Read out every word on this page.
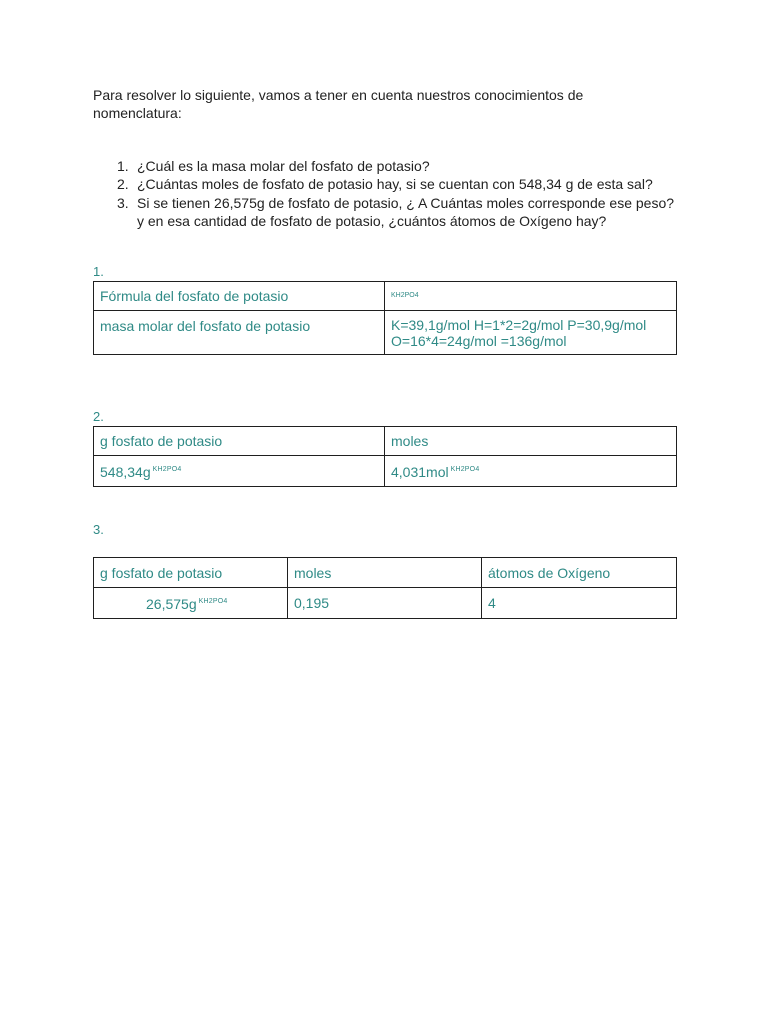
Para resolver lo siguiente, vamos a tener en cuenta nuestros conocimientos de nomenclatura:
1. ¿Cuál es la masa molar del fosfato de potasio?
2. ¿Cuántas moles de fosfato de potasio hay, si se cuentan con 548,34 g de esta sal?
3. Si se tienen 26,575g de fosfato de potasio, ¿ A Cuántas moles corresponde ese peso? y en esa cantidad de fosfato de potasio, ¿cuántos átomos de Oxígeno hay?
1.
Fórmula del fosfato de potasio	KH2PO4
masa molar del fosfato de potasio	K=39,1g/mol H=1*2=2g/mol P=30,9g/mol
O=16*4=24g/mol =136g/mol
2.
g fosfato de potasio	moles
548,34g $^{KH2PO4}$	4,031mol $^{KH2PO4}$
3.
g fosfato de potasio	moles	átomos de Oxígeno
26,575g $^{KH2PO4}$	0,195	4
